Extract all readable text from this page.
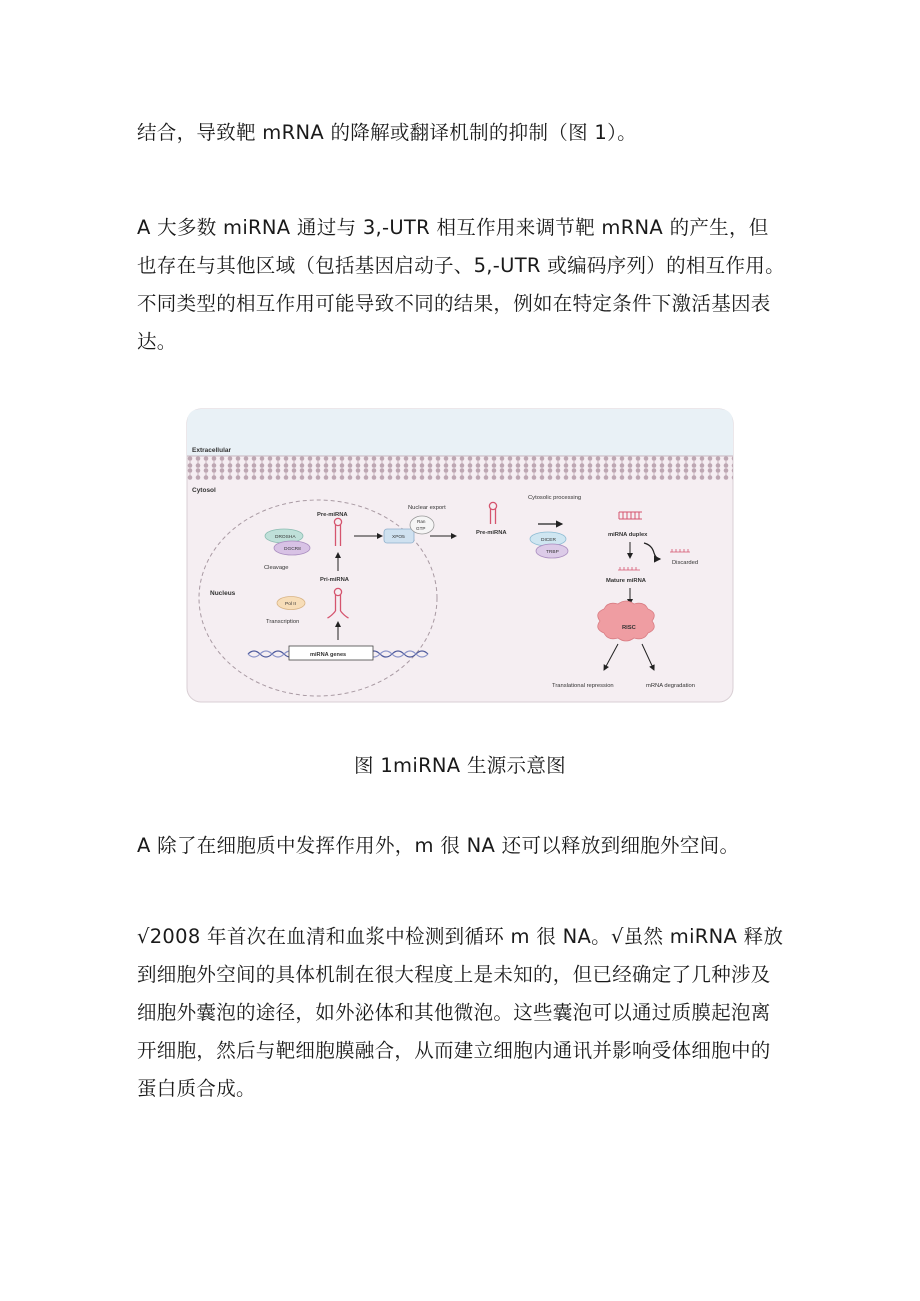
结合，导致靶 mRNA 的降解或翻译机制的抑制（图 1）。

A 大多数 miRNA 通过与 3,-UTR 相互作用来调节靶 mRNA 的产生，但也存在与其他区域（包括基因启动子、5,-UTR 或编码序列）的相互作用。不同类型的相互作用可能导致不同的结果，例如在特定条件下激活基因表达。

Extracellular
Cytosol
Nucleus
Pre-miRNA
Pri-miRNA
DROSHA
DGCR8
Cleavage
Pol II
Transcription
miRNA genes
Nuclear export
XPO5
Ran
GTP
Pre-miRNA
Cytosolic processing
DICER
TRBP
miRNA duplex
Discarded
Mature miRNA
RISC
Translational repression	mRNA degradation
图 1miRNA 生源示意图

A 除了在细胞质中发挥作用外，m 很 NA 还可以释放到细胞外空间。

√2008 年首次在血清和血浆中检测到循环 m 很 NA。√虽然 miRNA 释放到细胞外空间的具体机制在很大程度上是未知的，但已经确定了几种涉及细胞外囊泡的途径，如外泌体和其他微泡。这些囊泡可以通过质膜起泡离开细胞，然后与靶细胞膜融合，从而建立细胞内通讯并影响受体细胞中的蛋白质合成。
